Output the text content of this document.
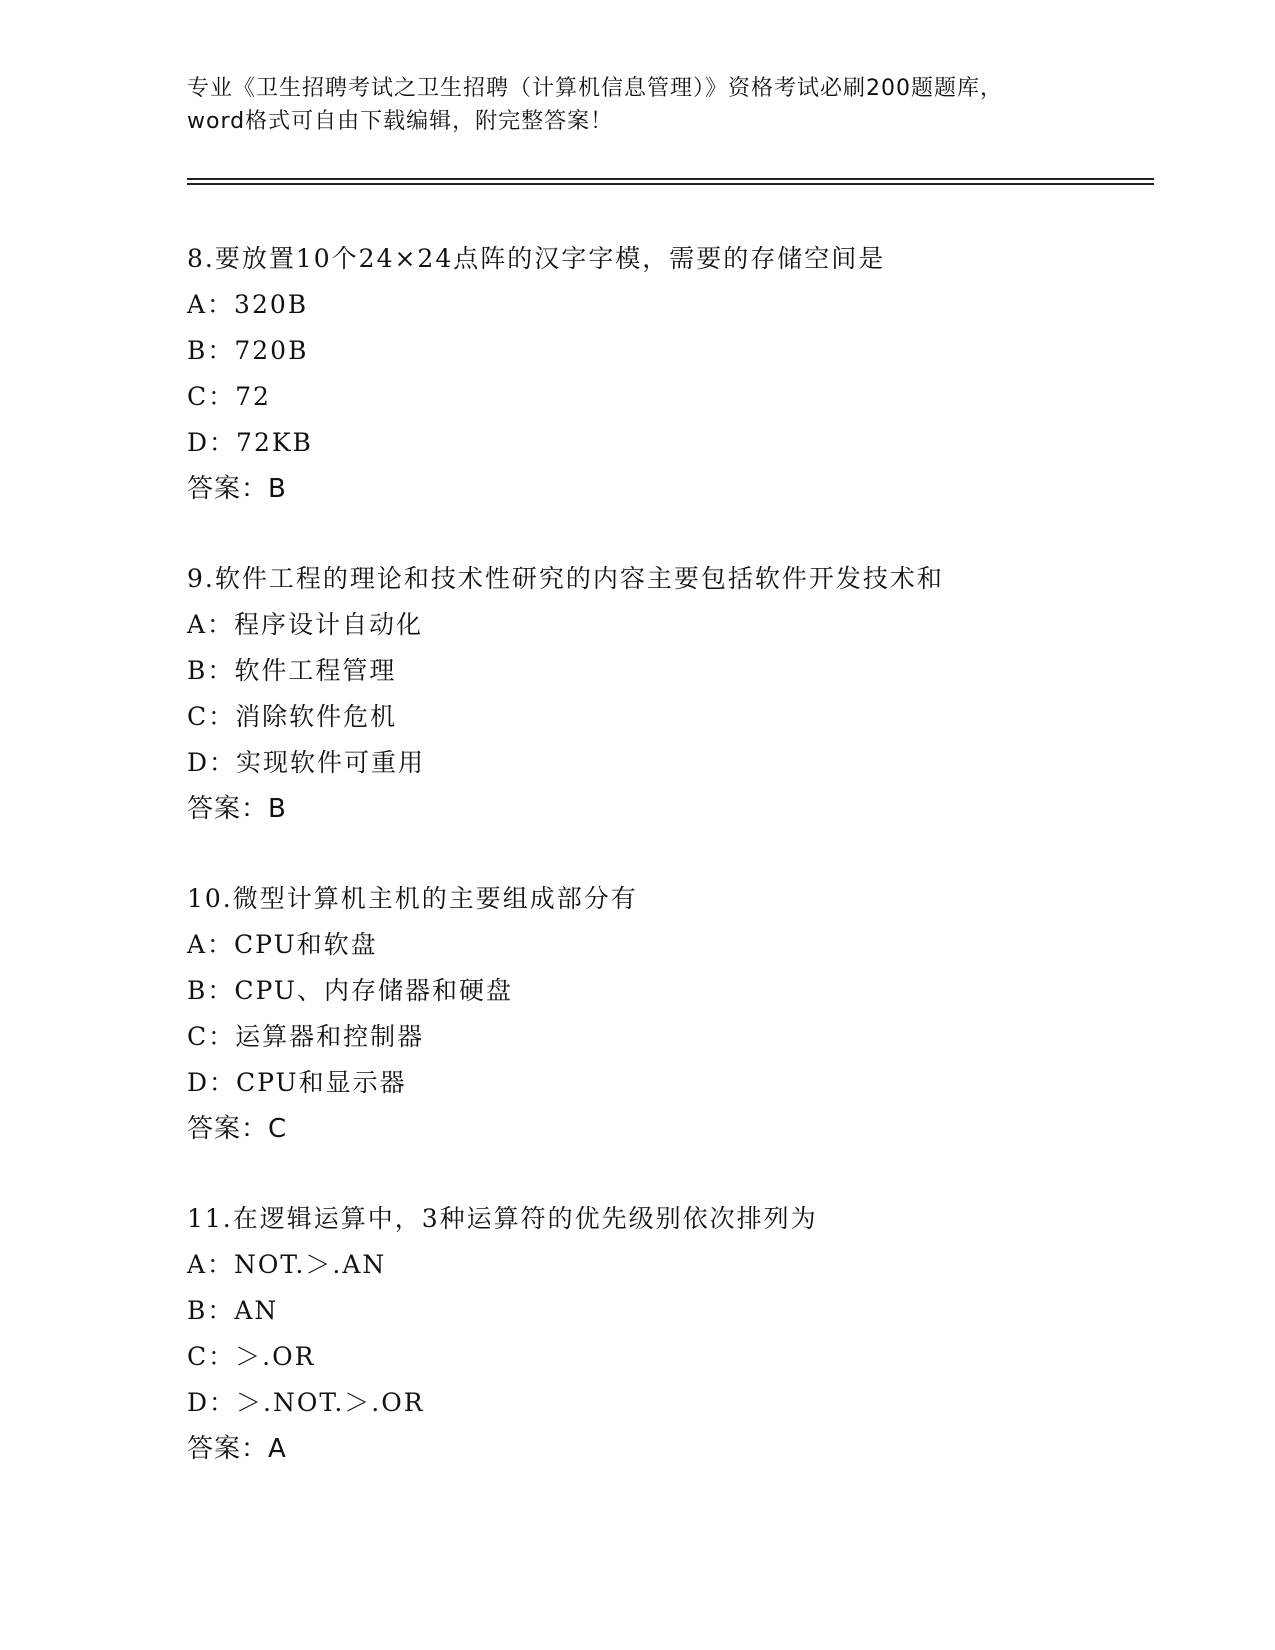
专业《卫生招聘考试之卫生招聘（计算机信息管理）》资格考试必刷200题题库，
word格式可自由下载编辑，附完整答案！
8.要放置10个24×24点阵的汉字字模，需要的存储空间是
A：320B
B：720B
C：72
D：72KB
答案：B
9.软件工程的理论和技术性研究的内容主要包括软件开发技术和
A：程序设计自动化
B：软件工程管理
C：消除软件危机
D：实现软件可重用
答案：B
10.微型计算机主机的主要组成部分有
A：CPU和软盘
B：CPU、内存储器和硬盘
C：运算器和控制器
D：CPU和显示器
答案：C
11.在逻辑运算中，3种运算符的优先级别依次排列为
A：NOT.＞.AN
B：AN
C：＞.OR
D：＞.NOT.＞.OR
答案：A
